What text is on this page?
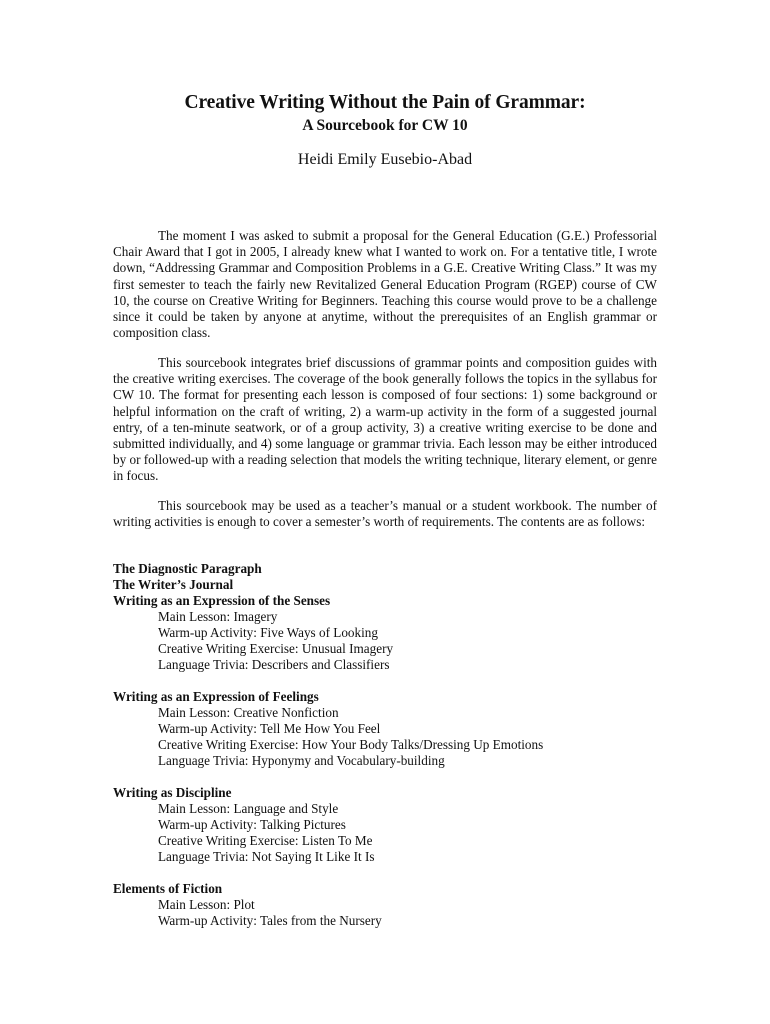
Creative Writing Without the Pain of Grammar:
A Sourcebook for CW 10
Heidi Emily Eusebio-Abad

The moment I was asked to submit a proposal for the General Education (G.E.) Professorial Chair Award that I got in 2005, I already knew what I wanted to work on. For a tentative title, I wrote down, “Addressing Grammar and Composition Problems in a G.E. Creative Writing Class.” It was my first semester to teach the fairly new Revitalized General Education Program (RGEP) course of CW 10, the course on Creative Writing for Beginners. Teaching this course would prove to be a challenge since it could be taken by anyone at anytime, without the prerequisites of an English grammar or composition class.

This sourcebook integrates brief discussions of grammar points and composition guides with the creative writing exercises. The coverage of the book generally follows the topics in the syllabus for CW 10. The format for presenting each lesson is composed of four sections: 1) some background or helpful information on the craft of writing, 2) a warm-up activity in the form of a suggested journal entry, of a ten-minute seatwork, or of a group activity, 3) a creative writing exercise to be done and submitted individually, and 4) some language or grammar trivia. Each lesson may be either introduced by or followed-up with a reading selection that models the writing technique, literary element, or genre in focus.

This sourcebook may be used as a teacher’s manual or a student workbook. The number of writing activities is enough to cover a semester’s worth of requirements. The contents are as follows:

The Diagnostic Paragraph
The Writer’s Journal
Writing as an Expression of the Senses
Main Lesson: Imagery
Warm-up Activity: Five Ways of Looking
Creative Writing Exercise: Unusual Imagery
Language Trivia: Describers and Classifiers
Writing as an Expression of Feelings
Main Lesson: Creative Nonfiction
Warm-up Activity: Tell Me How You Feel
Creative Writing Exercise: How Your Body Talks/Dressing Up Emotions
Language Trivia: Hyponymy and Vocabulary-building
Writing as Discipline
Main Lesson: Language and Style
Warm-up Activity: Talking Pictures
Creative Writing Exercise: Listen To Me
Language Trivia: Not Saying It Like It Is
Elements of Fiction
Main Lesson: Plot
Warm-up Activity: Tales from the Nursery
